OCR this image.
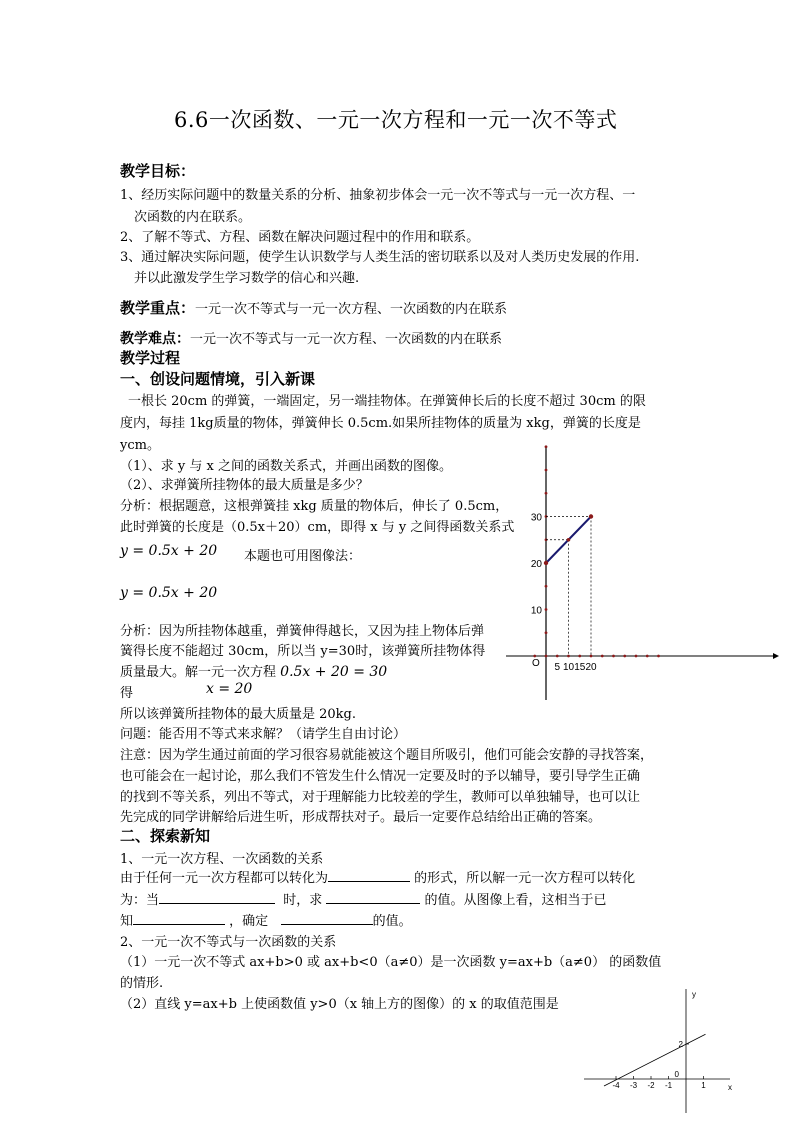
6.6一次函数、一元一次方程和一元一次不等式
教学目标：
1、经历实际问题中的数量关系的分析、抽象初步体会一元一次不等式与一元一次方程、一
次函数的内在联系。
2、了解不等式、方程、函数在解决问题过程中的作用和联系。
3、通过解决实际问题，使学生认识数学与人类生活的密切联系以及对人类历史发展的作用.
并以此激发学生学习数学的信心和兴趣.
教学重点：一元一次不等式与一元一次方程、一次函数的内在联系
教学难点：一元一次不等式与一元一次方程、一次函数的内在联系
教学过程
一、创设问题情境，引入新课
一根长 20cm 的弹簧，一端固定，另一端挂物体。在弹簧伸长后的长度不超过 30cm 的限
度内，每挂 1kg质量的物体，弹簧伸长 0.5cm.如果所挂物体的质量为 xkg，弹簧的长度是
ycm。
（1）、求 y 与 x 之间的函数关系式，并画出函数的图像。
（2）、求弹簧所挂物体的最大质量是多少？
分析：根据题意，这根弹簧挂 xkg 质量的物体后，伸长了 0.5cm，
此时弹簧的长度是（0.5x＋20）cm，即得 x 与 y 之间得函数关系式
y = 0.5x + 20 本题也可用图像法：
y = 0.5x + 20
分析：因为所挂物体越重，弹簧伸得越长，又因为挂上物体后弹
簧得长度不能超过 30cm，所以当 y=30时，该弹簧所挂物体得
质量最大。解一元一次方程 0.5x + 20 = 30
得	x = 20
所以该弹簧所挂物体的最大质量是 20kg.
问题：能否用不等式来求解？（请学生自由讨论）
注意：因为学生通过前面的学习很容易就能被这个题目所吸引，他们可能会安静的寻找答案，
也可能会在一起讨论，那么我们不管发生什么情况一定要及时的予以辅导，要引导学生正确
的找到不等关系，列出不等式，对于理解能力比较差的学生，教师可以单独辅导，也可以让
先完成的同学讲解给后进生听，形成帮扶对子。最后一定要作总结给出正确的答案。
二、探索新知
1、一元一次方程、一次函数的关系
由于任何一元一次方程都可以转化为	的形式，所以解一元一次方程可以转化
为：当	时，求	的值。从图像上看，这相当于已
知	，确定	的值。
2、一元一次不等式与一次函数的关系
（1）一元一次不等式 ax+b>0 或 ax+b<0（a≠0）是一次函数 y=ax+b（a≠0） 的函数值
的情形.
（2）直线 y=ax+b 上使函数值 y>0（x 轴上方的图像）的 x 的取值范围是
5 10 15 20
10
20
30
O
-4 -3 -2 -1	1
2
0
x
y
